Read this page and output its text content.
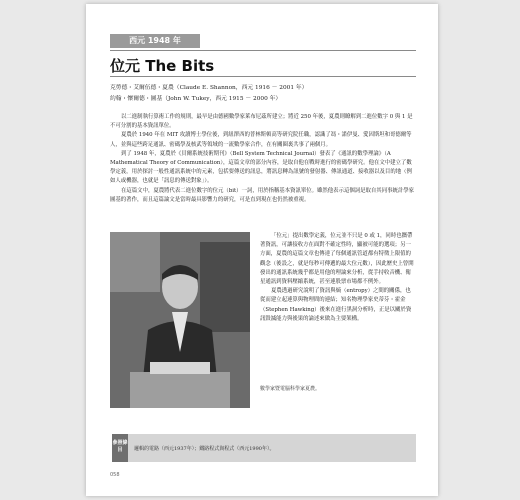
西元 1948 年
位元 The Bits
克勞德・艾爾伍德・夏農（Claude E. Shannon，西元 1916 － 2001 年）
約翰・懷爾德・圖基（John W. Tukey，西元 1915 － 2000 年）

以二進制執行算術工作的規則，最早是由德國數學家萊布尼茲所建立；將近 250 年後，夏農則瞭解到二進位數字 0 與 1 是不可分割的基本資訊單位。

夏農於 1940 年在 MIT 攻讀博士學位後，到紐澤西的普林斯頓高等研究院任職，認識了馮・諾伊曼、愛因斯坦和哥德爾等人，並與這些跨足通訊、密碼學及核武等領域的一流數學家合作，在有關圈裏共事了兩個月。

到了 1948 年，夏農於《貝爾系統技術期刊》（Bell System Technical Journal）發表了《通訊的數學理論》（A Mathematical Theory of Communication），這篇文章的部分內容，是取自他在戰時進行的密碼學研究。他在文中建立了數學定義，用於探討一般性通訊系統中的元素，包括要傳送的訊息，將訊息轉為訊號的發射器、傳訊通道、接收器以及目的地（例如人或機器，也就是「訊息的傳送對象」）。

在這篇文中，夏農將代表二進位數字的位元（bit）一詞，用於指稱基本資訊單位。雖然他表示這個詞是取自其同事統計學家圖基的著作，而且這篇論文是當時最具影響力的研究，可是直到現在也仍然被重視。

「位元」提出數學定義，位元並不只是 0 或 1，同時也攜帶著資訊，可讓接收方在面對不確定性時，顯被可能的選項；另一方面，夏農的這篇文章也傳達了每個通訊管道都有特徵上限值的觀念（後設之，就是每秒可傳遞的最大位元數），因此歷史上曾開發出的通訊系統幾乎都是用他的理論來分析，從手持收音機、衛星通訊到資料壓縮系統，甚至連股票市場都不例外。

夏農透過研究說明了資訊與熵（entropy）之間的關係，也從而建立起連算與物理間的連結；知名物理學家史蒂芬・霍金（Stephen Hawking）後來在進行黑洞分析時，正是以關於資訊毀滅能力與後果的論述來做為主要架構。

數學家暨電腦科學家夏農。
參照條目	邏輯的電路（西元1937年）；鐵路程式與程式（西元1990年）。
058
